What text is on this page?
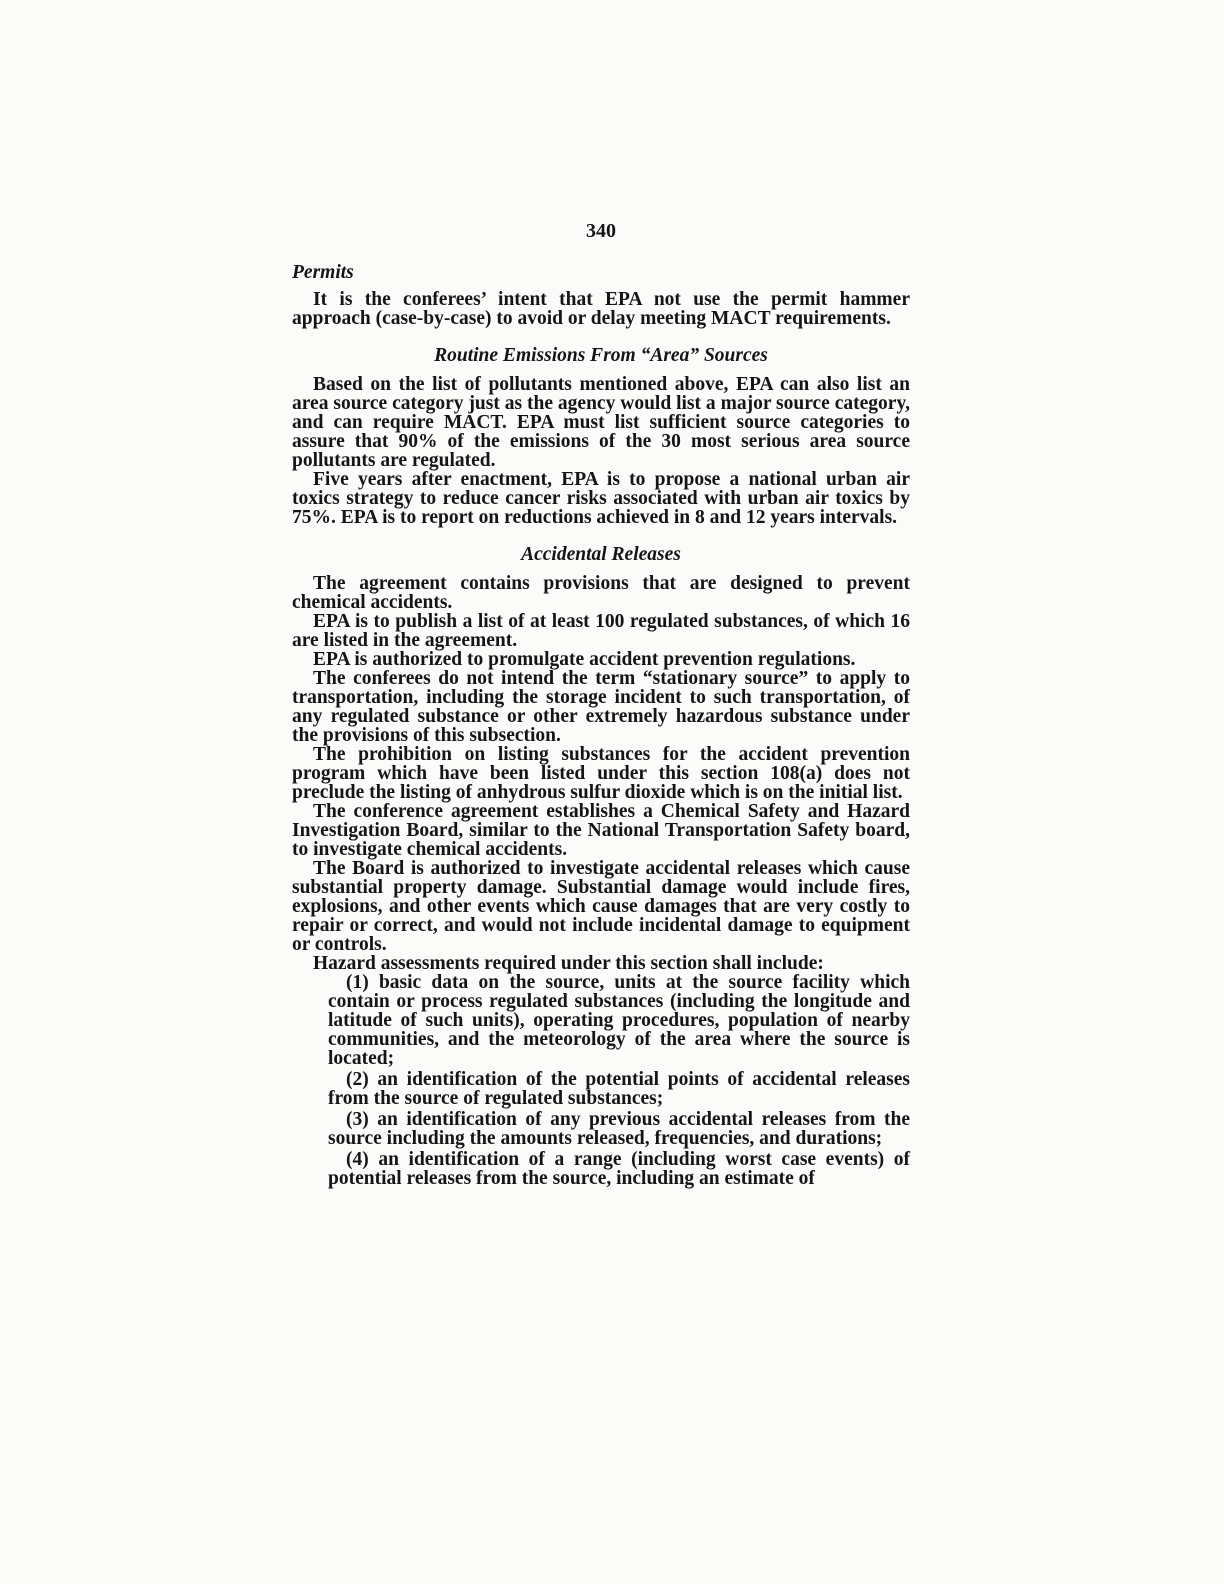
340
Permits

It is the conferees’ intent that EPA not use the permit hammer approach (case-by-case) to avoid or delay meeting MACT requirements.

Routine Emissions From “Area” Sources

Based on the list of pollutants mentioned above, EPA can also list an area source category just as the agency would list a major source category, and can require MACT. EPA must list sufficient source categories to assure that 90% of the emissions of the 30 most serious area source pollutants are regulated.

Five years after enactment, EPA is to propose a national urban air toxics strategy to reduce cancer risks associated with urban air toxics by 75%. EPA is to report on reductions achieved in 8 and 12 years intervals.

Accidental Releases

The agreement contains provisions that are designed to prevent chemical accidents.

EPA is to publish a list of at least 100 regulated substances, of which 16 are listed in the agreement.

EPA is authorized to promulgate accident prevention regulations.

The conferees do not intend the term “stationary source” to apply to transportation, including the storage incident to such transportation, of any regulated substance or other extremely hazardous substance under the provisions of this subsection.

The prohibition on listing substances for the accident prevention program which have been listed under this section 108(a) does not preclude the listing of anhydrous sulfur dioxide which is on the initial list.

The conference agreement establishes a Chemical Safety and Hazard Investigation Board, similar to the National Transportation Safety board, to investigate chemical accidents.

The Board is authorized to investigate accidental releases which cause substantial property damage. Substantial damage would include fires, explosions, and other events which cause damages that are very costly to repair or correct, and would not include incidental damage to equipment or controls.

Hazard assessments required under this section shall include:

(1) basic data on the source, units at the source facility which contain or process regulated substances (including the longitude and latitude of such units), operating procedures, population of nearby communities, and the meteorology of the area where the source is located;

(2) an identification of the potential points of accidental releases from the source of regulated substances;

(3) an identification of any previous accidental releases from the source including the amounts released, frequencies, and durations;

(4) an identification of a range (including worst case events) of potential releases from the source, including an estimate of
